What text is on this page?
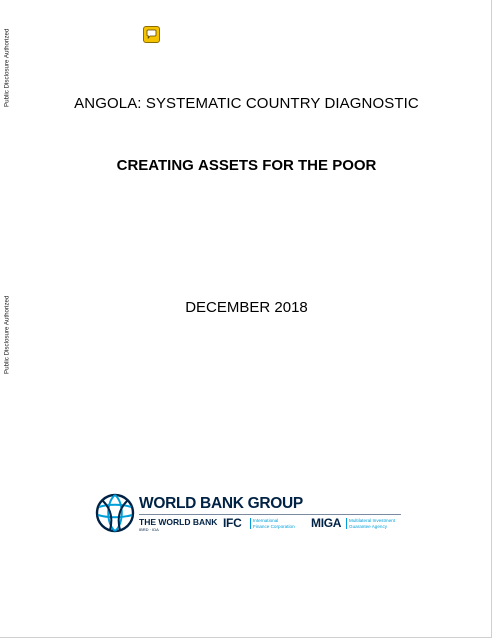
Public Disclosure Authorized
Public Disclosure Authorized
ANGOLA: SYSTEMATIC COUNTRY DIAGNOSTIC
CREATING ASSETS FOR THE POOR
DECEMBER 2018
WORLD BANK GROUP
THE WORLD BANK
IBRD · IDA	IFC	International
Finance Corporation MIGA	Multilateral Investment
Guarantee Agency
